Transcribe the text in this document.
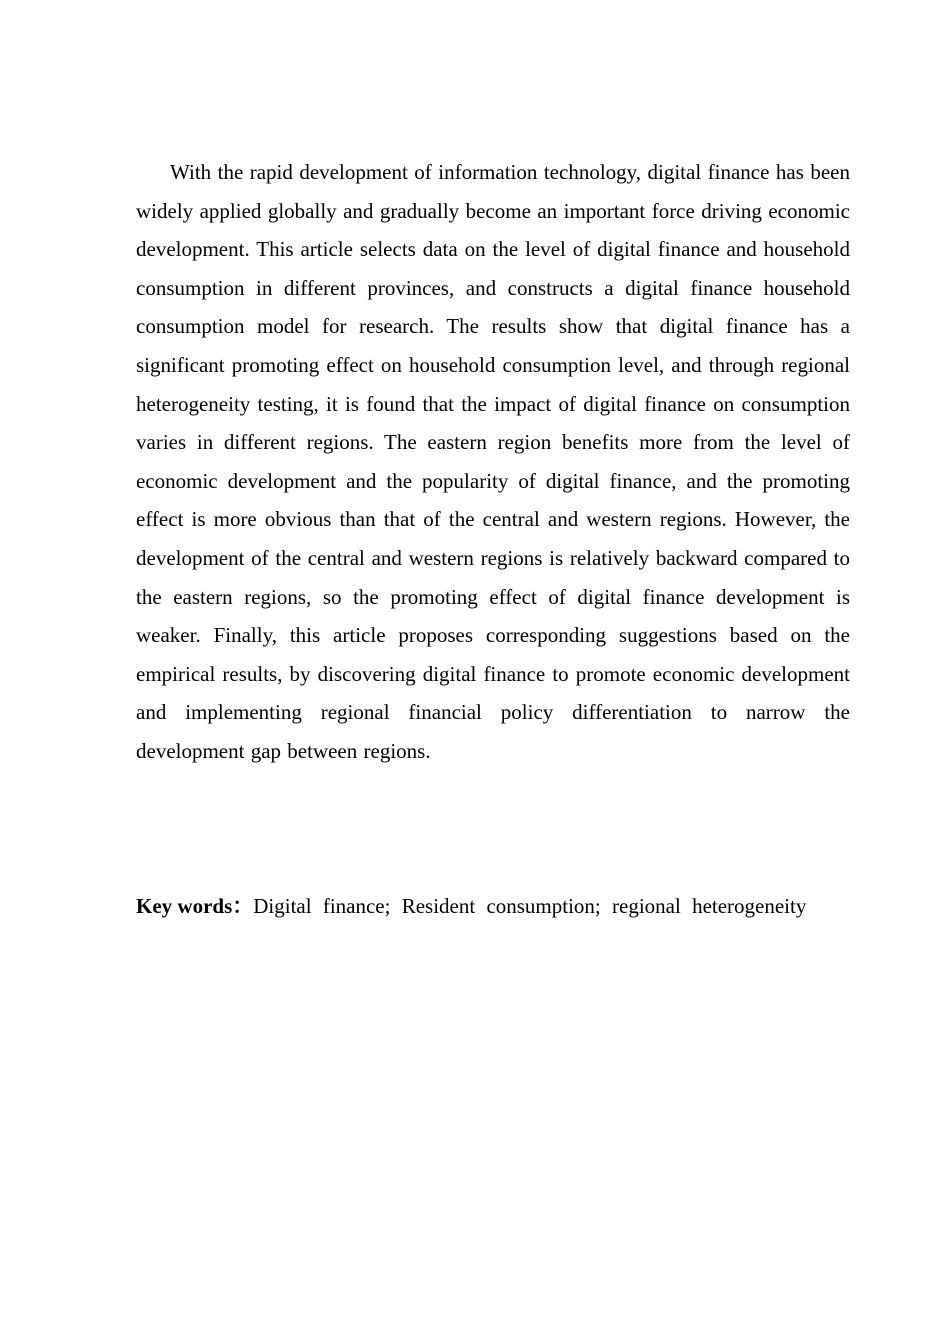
With the rapid development of information technology, digital finance has been widely applied globally and gradually become an important force driving economic development. This article selects data on the level of digital finance and household consumption in different provinces, and constructs a digital finance household consumption model for research. The results show that digital finance has a significant promoting effect on household consumption level, and through regional heterogeneity testing, it is found that the impact of digital finance on consumption varies in different regions. The eastern region benefits more from the level of economic development and the popularity of digital finance, and the promoting effect is more obvious than that of the central and western regions. However, the development of the central and western regions is relatively backward compared to the eastern regions, so the promoting effect of digital finance development is weaker. Finally, this article proposes corresponding suggestions based on the empirical results, by discovering digital finance to promote economic development and implementing regional financial policy differentiation to narrow the development gap between regions.

Key words：Digital finance; Resident consumption; regional heterogeneity
